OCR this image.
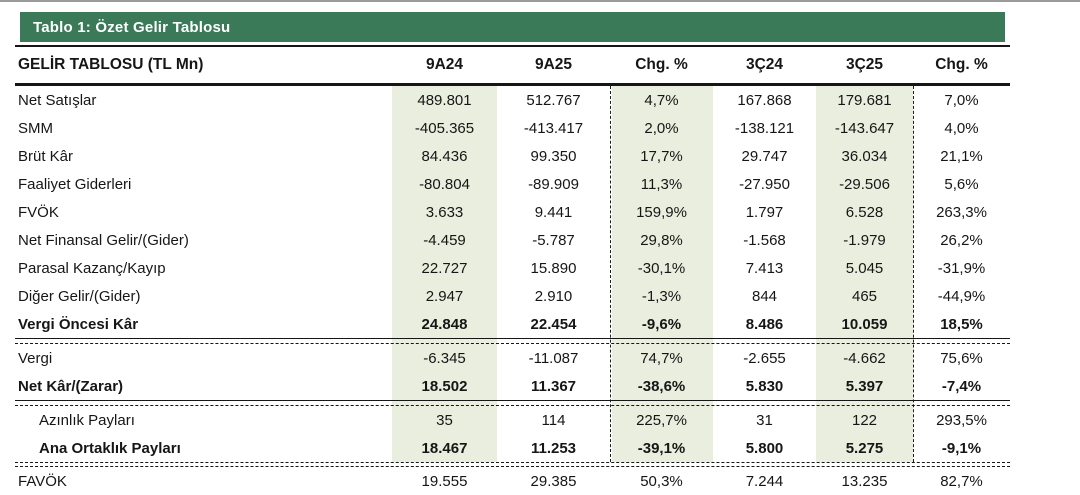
Tablo 1: Özet Gelir Tablosu
GELİR TABLOSU (TL Mn)	9A24	9A25	Chg. %	3Ç24	3Ç25	Chg. %
Net Satışlar	489.801	512.767	4,7%	167.868	179.681	7,0%
SMM	-405.365	-413.417	2,0%	-138.121	-143.647	4,0%
Brüt Kâr	84.436	99.350	17,7%	29.747	36.034	21,1%
Faaliyet Giderleri	-80.804	-89.909	11,3%	-27.950	-29.506	5,6%
FVÖK	3.633	9.441	159,9%	1.797	6.528	263,3%
Net Finansal Gelir/(Gider)	-4.459	-5.787	29,8%	-1.568	-1.979	26,2%
Parasal Kazanç/Kayıp	22.727	15.890	-30,1%	7.413	5.045	-31,9%
Diğer Gelir/(Gider)	2.947	2.910	-1,3%	844	465	-44,9%
Vergi Öncesi Kâr	24.848	22.454	-9,6%	8.486	10.059	18,5%
Vergi	-6.345	-11.087	74,7%	-2.655	-4.662	75,6%
Net Kâr/(Zarar)	18.502	11.367	-38,6%	5.830	5.397	-7,4%
Azınlık Payları	35	114	225,7%	31	122	293,5%
Ana Ortaklık Payları	18.467	11.253	-39,1%	5.800	5.275	-9,1%
FAVÖK	19.555	29.385	50,3%	7.244	13.235	82,7%
